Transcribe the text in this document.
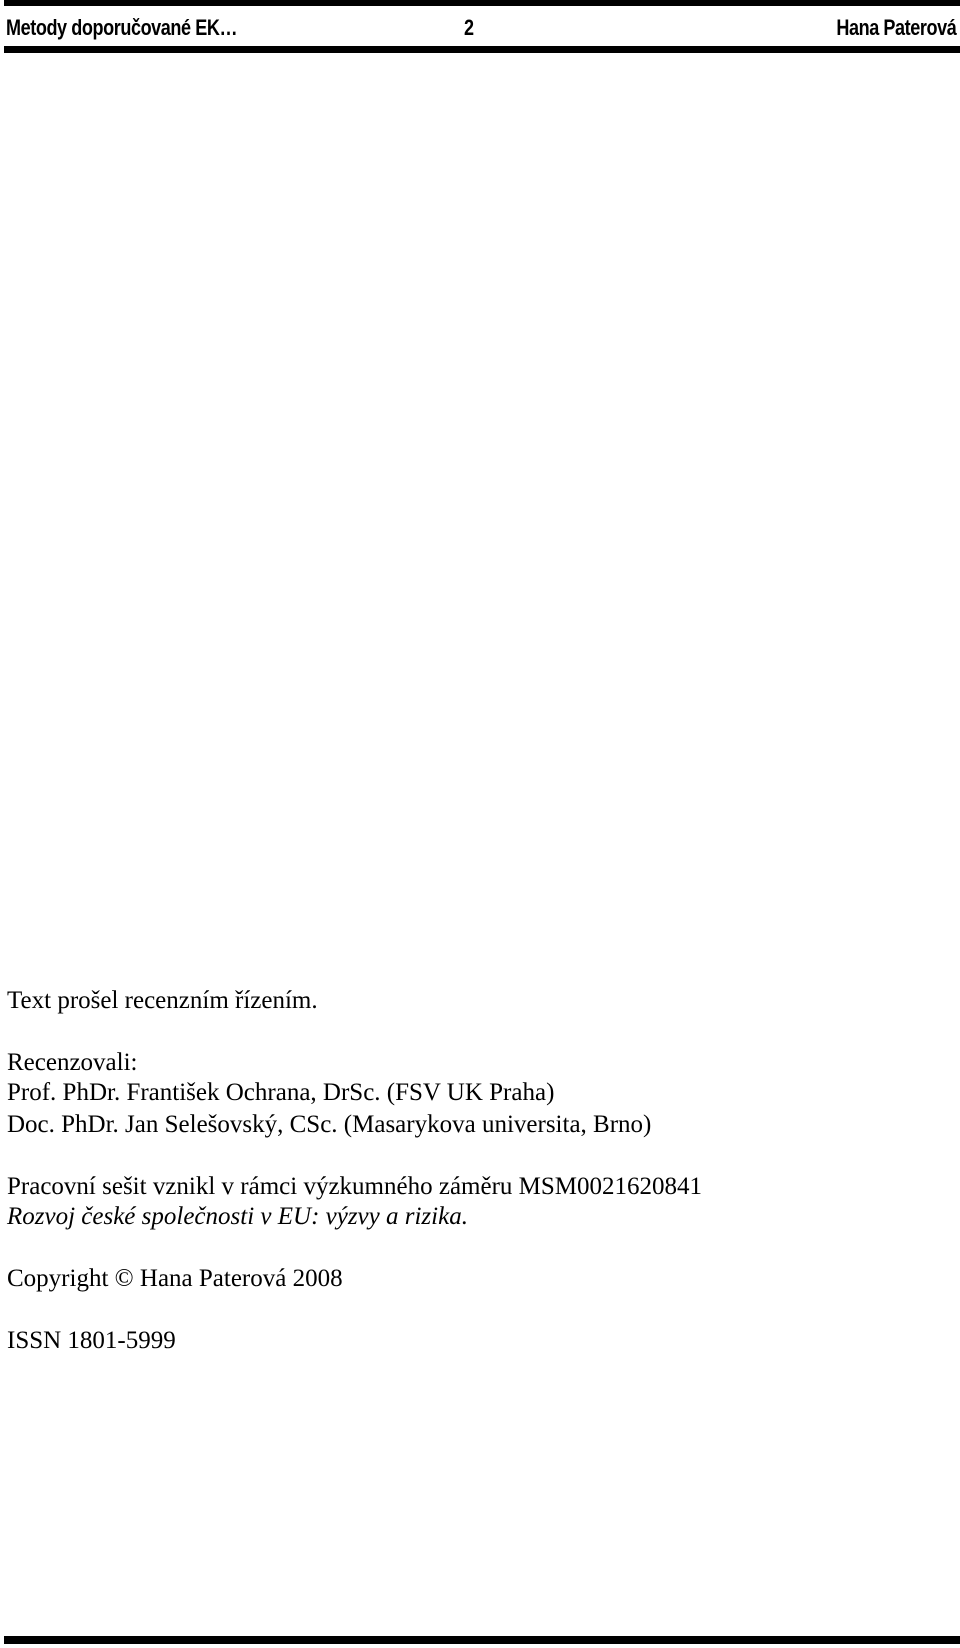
Metody doporučované EK…	2	Hana Paterová
Text prošel recenzním řízením.
Recenzovali:
Prof. PhDr. František Ochrana, DrSc. (FSV UK Praha)
Doc. PhDr. Jan Selešovský, CSc. (Masarykova universita, Brno)
Pracovní sešit vznikl v rámci výzkumného záměru MSM0021620841
Rozvoj české společnosti v EU: výzvy a rizika.
Copyright © Hana Paterová 2008
ISSN 1801-5999
